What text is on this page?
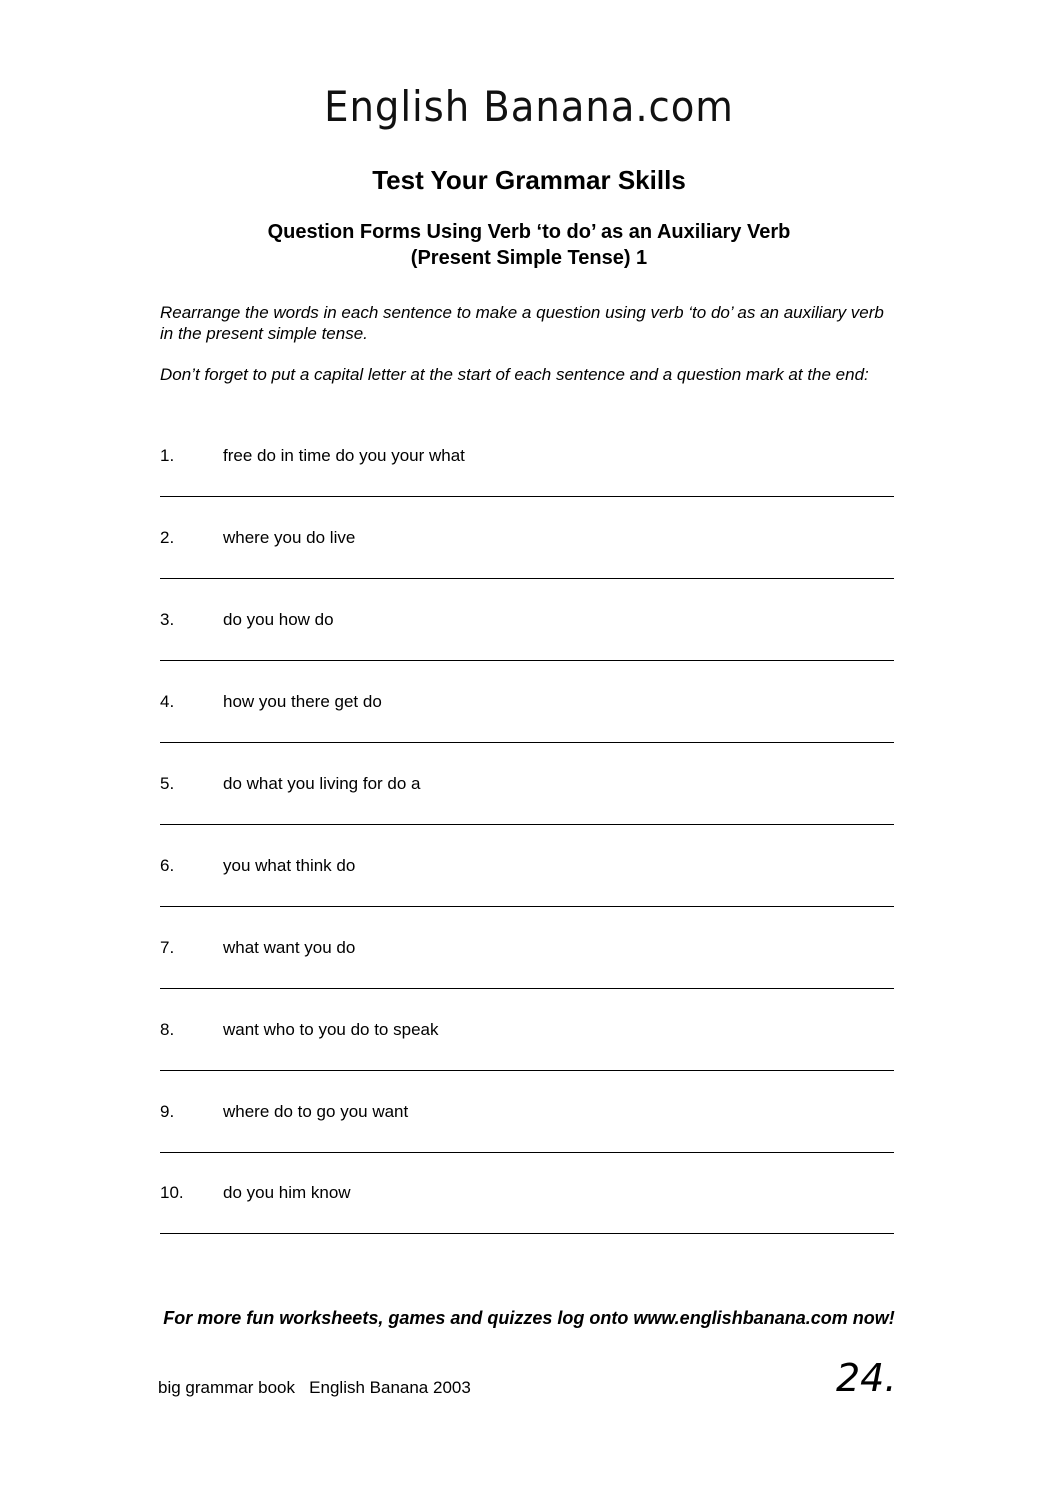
English Banana.com
Test Your Grammar Skills
Question Forms Using Verb ‘to do’ as an Auxiliary Verb
(Present Simple Tense) 1
Rearrange the words in each sentence to make a question using verb ‘to do’ as an auxiliary verb in the present simple tense.
Don’t forget to put a capital letter at the start of each sentence and a question mark at the end:
1.	free do in time do you your what
2.	where you do live
3.	do you how do
4.	how you there get do
5.	do what you living for do a
6.	you what think do
7.	what want you do
8.	want who to you do to speak
9.	where do to go you want
10. do you him know
For more fun worksheets, games and quizzes log onto www.englishbanana.com now!
big grammar book   English Banana 2003	24.
